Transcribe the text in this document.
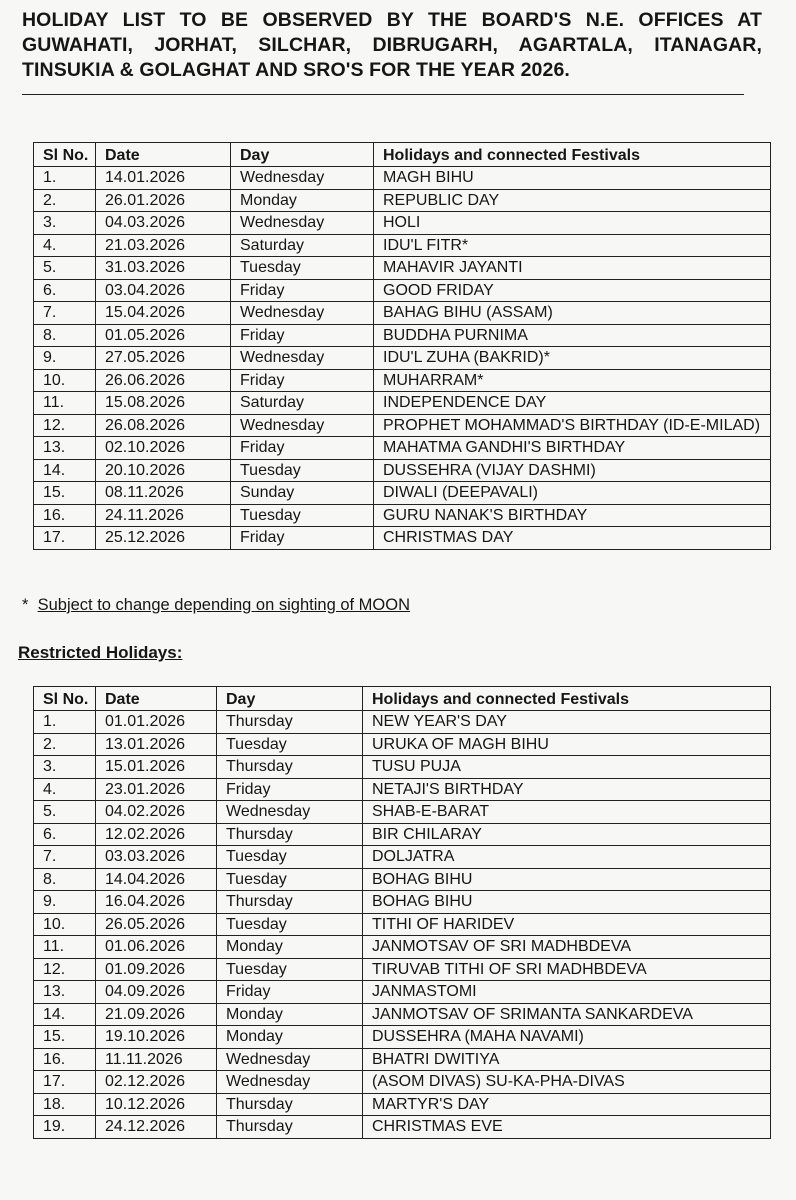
HOLIDAY LIST TO BE OBSERVED BY THE BOARD'S N.E. OFFICES AT GUWAHATI, JORHAT, SILCHAR, DIBRUGARH, AGARTALA, ITANAGAR, TINSUKIA & GOLAGHAT AND SRO'S FOR THE YEAR 2026.
Sl No.	Date	Day	Holidays and connected Festivals
1.	14.01.2026	Wednesday	MAGH BIHU
2.	26.01.2026	Monday	REPUBLIC DAY
3.	04.03.2026	Wednesday	HOLI
4.	21.03.2026	Saturday	IDU'L FITR*
5.	31.03.2026	Tuesday	MAHAVIR JAYANTI
6.	03.04.2026	Friday	GOOD FRIDAY
7.	15.04.2026	Wednesday	BAHAG BIHU (ASSAM)
8.	01.05.2026	Friday	BUDDHA PURNIMA
9.	27.05.2026	Wednesday	IDU'L ZUHA (BAKRID)*
10.	26.06.2026	Friday	MUHARRAM*
11.	15.08.2026	Saturday	INDEPENDENCE DAY
12.	26.08.2026	Wednesday	PROPHET MOHAMMAD'S BIRTHDAY (ID-E-MILAD)
13.	02.10.2026	Friday	MAHATMA GANDHI'S BIRTHDAY
14.	20.10.2026	Tuesday	DUSSEHRA (VIJAY DASHMI)
15.	08.11.2026	Sunday	DIWALI (DEEPAVALI)
16.	24.11.2026	Tuesday	GURU NANAK'S BIRTHDAY
17.	25.12.2026	Friday	CHRISTMAS DAY
* Subject to change depending on sighting of MOON
Restricted Holidays:
Sl No.	Date	Day	Holidays and connected Festivals
1.	01.01.2026	Thursday	NEW YEAR'S DAY
2.	13.01.2026	Tuesday	URUKA OF MAGH BIHU
3.	15.01.2026	Thursday	TUSU PUJA
4.	23.01.2026	Friday	NETAJI'S BIRTHDAY
5.	04.02.2026	Wednesday	SHAB-E-BARAT
6.	12.02.2026	Thursday	BIR CHILARAY
7.	03.03.2026	Tuesday	DOLJATRA
8.	14.04.2026	Tuesday	BOHAG BIHU
9.	16.04.2026	Thursday	BOHAG BIHU
10.	26.05.2026	Tuesday	TITHI OF HARIDEV
11.	01.06.2026	Monday	JANMOTSAV OF SRI MADHBDEVA
12.	01.09.2026	Tuesday	TIRUVAB TITHI OF SRI MADHBDEVA
13.	04.09.2026	Friday	JANMASTOMI
14.	21.09.2026	Monday	JANMOTSAV OF SRIMANTA SANKARDEVA
15.	19.10.2026	Monday	DUSSEHRA (MAHA NAVAMI)
16.	11.11.2026	Wednesday	BHATRI DWITIYA
17.	02.12.2026	Wednesday	(ASOM DIVAS) SU-KA-PHA-DIVAS
18.	10.12.2026	Thursday	MARTYR'S DAY
19.	24.12.2026	Thursday	CHRISTMAS EVE
